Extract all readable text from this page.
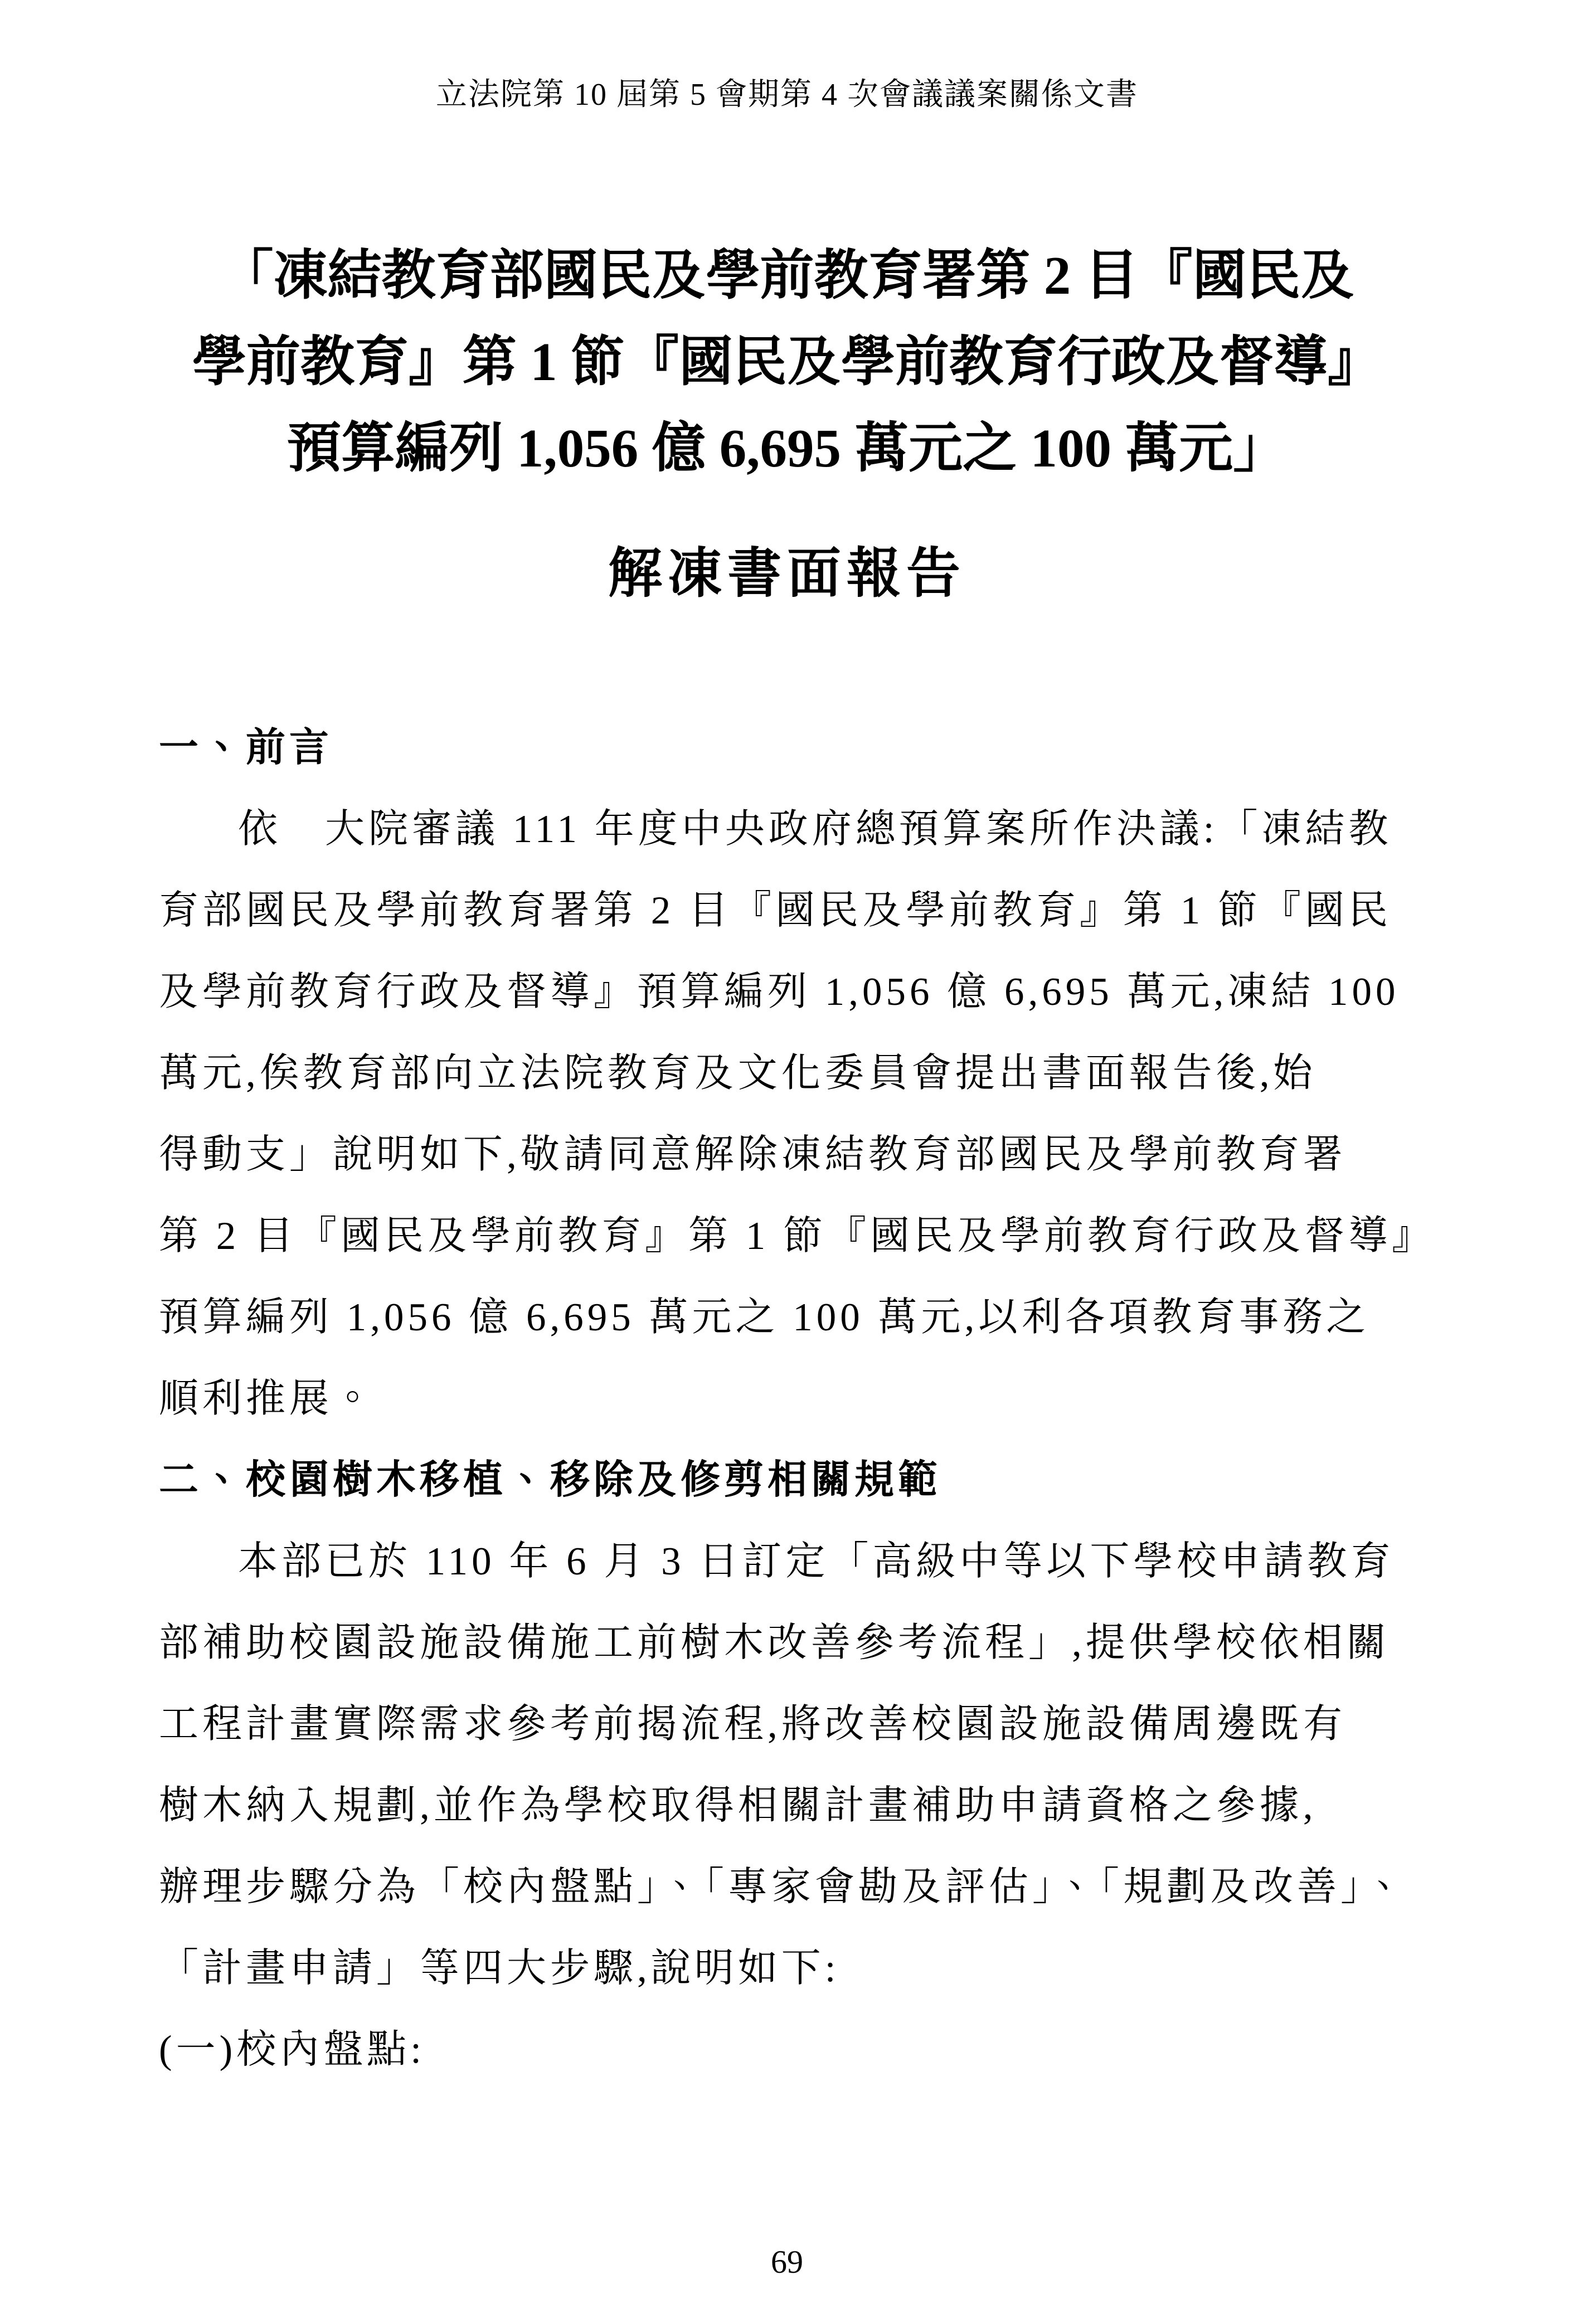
立法院第 10 屆第 5 會期第 4 次會議議案關係文書
「凍結教育部國民及學前教育署第 2 目『國民及
學前教育』第 1 節『國民及學前教育行政及督導』
預算編列 1,056 億 6,695 萬元之 100 萬元」
解凍書面報告
一、前言
依　大院審議 111 年度中央政府總預算案所作決議:「凍結教
育部國民及學前教育署第 2 目『國民及學前教育』第 1 節『國民
及學前教育行政及督導』預算編列 1,056 億 6,695 萬元,凍結 100
萬元,俟教育部向立法院教育及文化委員會提出書面報告後,始
得動支」說明如下,敬請同意解除凍結教育部國民及學前教育署
第 2 目『國民及學前教育』第 1 節『國民及學前教育行政及督導』
預算編列 1,056 億 6,695 萬元之 100 萬元,以利各項教育事務之
順利推展。
二、校園樹木移植、移除及修剪相關規範
本部已於 110 年 6 月 3 日訂定「高級中等以下學校申請教育
部補助校園設施設備施工前樹木改善參考流程」,提供學校依相關
工程計畫實際需求參考前揭流程,將改善校園設施設備周邊既有
樹木納入規劃,並作為學校取得相關計畫補助申請資格之參據,
辦理步驟分為「校內盤點」、「專家會勘及評估」、「規劃及改善」、
「計畫申請」等四大步驟,說明如下:
(一)校內盤點:
69
